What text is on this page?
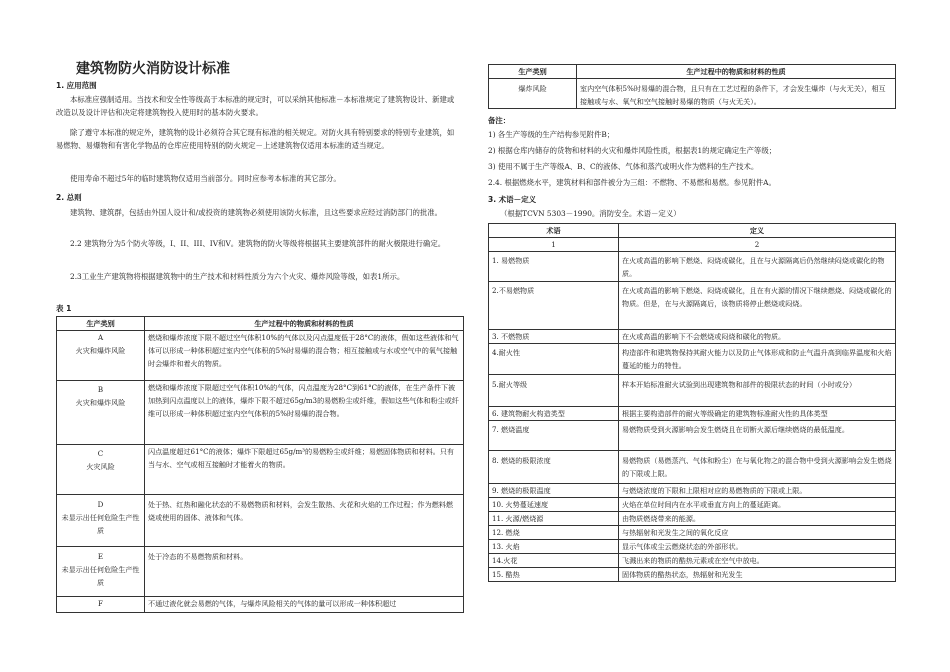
建筑物防火消防设计标准
1. 应用范围
本标准应强制适用。当技术和安全性等级高于本标准的规定时，可以采纳其他标准－本标准规定了建筑物设计、新建或改造以及设计评估和决定将建筑物投入使用时的基本防火要求。
除了遵守本标准的规定外，建筑物的设计必须符合其它现有标准的相关规定。对防火具有特别要求的特别专业建筑，如易燃物、易爆物和有害化学物品的仓库应使用特别的防火规定－上述建筑物仅适用本标准的适当规定。
使用寿命不超过5年的临时建筑物仅适用当前部分。同时应参考本标准的其它部分。
2. 总则
建筑物、建筑群，包括由外国人设计和/或投资的建筑物必须使用该防火标准，且这些要求应经过消防部门的批准。
2.2 建筑物分为5个防火等级，I、II、III、IV和V。建筑物的防火等级将根据其主要建筑部件的耐火极限进行确定。
2.3工业生产建筑物将根据建筑物中的生产技术和材料性质分为六个火灾、爆炸风险等级，如表1所示。
表 1
生产类别	生产过程中的物质和材料的性质

A
火灾和爆炸风险	燃烧和爆炸浓度下限不超过空气体积10%的气体以及闪点温度低于28°C的液体，假如这些液体和气体可以形成一种体积超过室内空气体积的5%时易爆的混合物；相互接触或与水或空气中的氧气接触时会爆炸和着火的物质。

B
火灾和爆炸风险	燃烧和爆炸浓度下限超过空气体积10%的气体，闪点温度为28°C到61°C的液体，在生产条件下被加热到闪点温度以上的液体，爆炸下限不超过65g/m3的易燃粉尘或纤维，假如这些气体和粉尘或纤维可以形成一种体积超过室内空气体积的5%时易爆的混合物。

C
火灾风险	闪点温度超过61°C的液体；爆炸下限超过65g/m³的易燃粉尘或纤维；易燃固体物质和材料。只有当与水、空气或相互接触时才能着火的物质。

D
未显示出任何危险生产性质	处于热、红热和融化状态的不易燃物质和材料，会发生散热、火花和火焰的工作过程；作为燃料燃烧或使用的固体、液体和气体。

E
未显示出任何危险生产性质	处于冷态的不易燃物质和材料。

F	不通过液化就会易燃的气体，与爆炸风险相关的气体的量可以形成一种体积超过
生产类别	生产过程中的物质和材料的性质
爆炸风险	室内空气体积5%时易爆的混合物，且只有在工艺过程的条件下，才会发生爆炸（与火无关），相互接触或与水、氧气和空气接触时易爆的物质（与火无关）。
备注：
1) 各生产等级的生产结构参见附件B；
2) 根据仓库内储存的货物和材料的火灾和爆炸风险性质，根据表1的规定确定生产等级；
3) 使用不属于生产等级A、B、C的液体、气体和蒸汽或明火作为燃料的生产技术。
2.4. 根据燃烧水平，建筑材料和部件被分为三组：不燃物、不易燃和易燃。参见附件A。
3. 术语－定义
（根据TCVN 5303－1990。消防安全。术语－定义）
术语	定义
1	2
1. 易燃物质	在火或高温的影响下燃烧、闷烧或碳化，且在与火源隔离后仍然继续闷烧或碳化的物质。
2.不易燃物质	在火或高温的影响下燃烧、闷烧或碳化，且在有火源的情况下继续燃烧、闷烧或碳化的物质。但是，在与火源隔离后，该物质将停止燃烧或闷烧。
3. 不燃物质	在火或高温的影响下不会燃烧或闷烧和碳化的物质。
4.耐火性	构造部件和建筑物保持其耐火能力以及防止气体形成和防止气温升高到临界温度和火焰蔓延的能力的特性。
5.耐火等级	样本开始标准耐火试验到出现建筑物和部件的极限状态的时间（小时或分）
6. 建筑物耐火构造类型	根据主要构造部件的耐火等级确定的建筑物标准耐火性的具体类型
7. 燃烧温度	易燃物质受到火源影响会发生燃烧且在切断火源后继续燃烧的最低温度。
8. 燃烧的极限浓度	易燃物质（易燃蒸汽、气体和粉尘）在与氧化物之的混合物中受到火源影响会发生燃烧的下限或上限。
9. 燃烧的极限温度	与燃烧浓度的下限和上限相对应的易燃物质的下限或上限。
10. 火势蔓延速度	火焰在单位时间内在水平或垂直方向上的蔓延距离。
11. 火源/燃烧源	由物质燃烧带来的能源。
12. 燃烧	与热辐射和光发生之间的氧化反应
13. 火焰	显示气体或尘云燃烧状态的外部形状。
14.火花	飞溅出来的物质的酷热元素或在空气中放电。
15. 酷热	固体物质的酷热状态，热辐射和光发生
